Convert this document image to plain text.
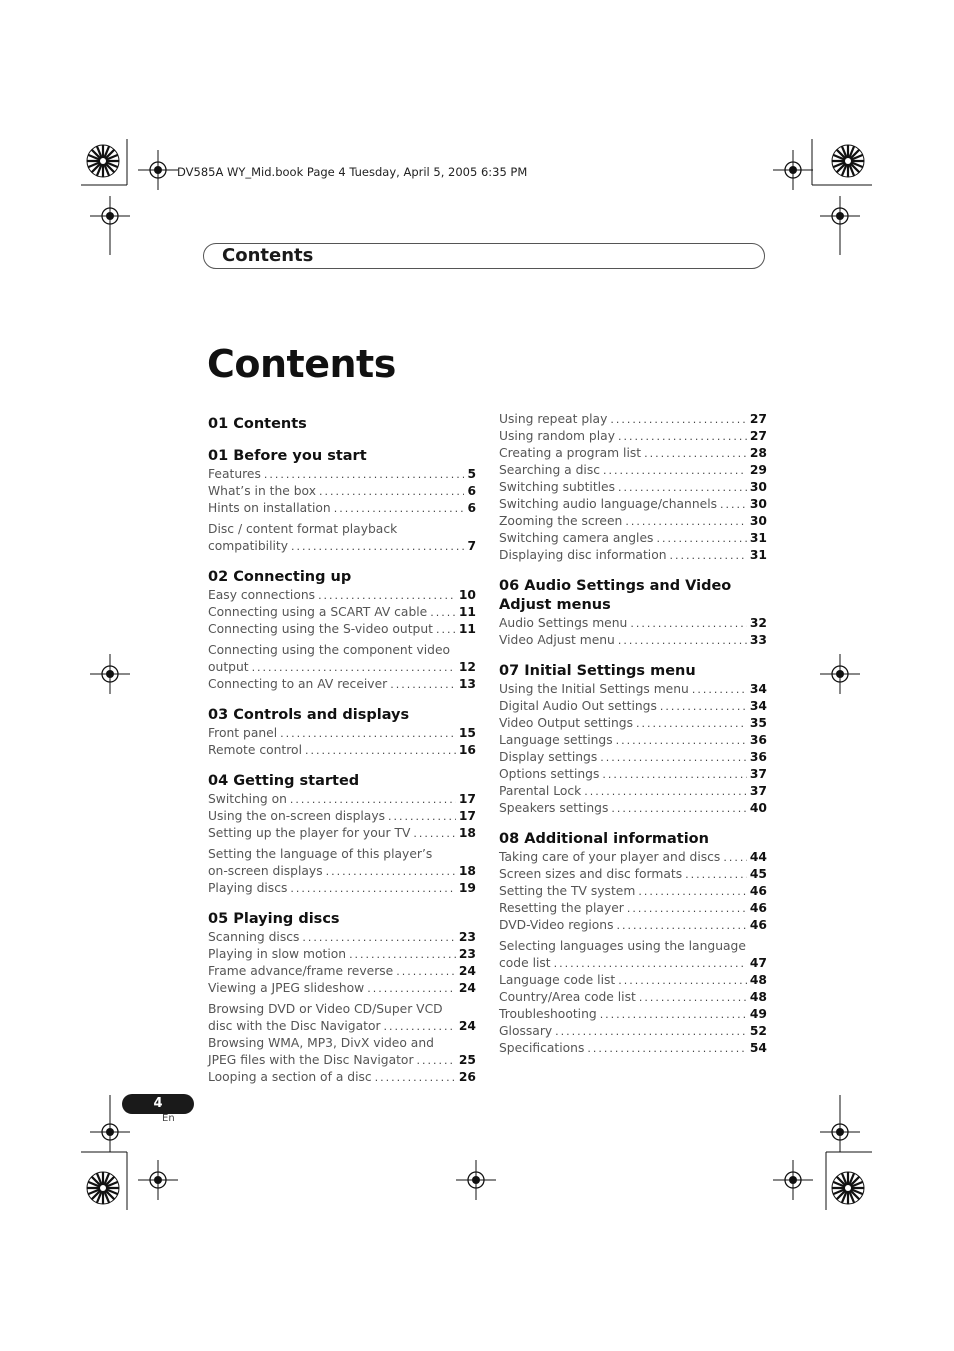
DV585A WY_Mid.book Page 4 Tuesday, April 5, 2005 6:35 PM
Contents
Contents
01 Contents
01 Before you start
Features .....	5
What’s in the box .....	6
Hints on installation .....	6
Disc / content format playback
compatibility .....	7
02 Connecting up
Easy connections .....	10
Connecting using a SCART AV cable .....	11
Connecting using the S-video output ..... 11
Connecting using the component video
output .....	12
Connecting to an AV receiver .....	13
03 Controls and displays
Front panel .....	15
Remote control .....	16
04 Getting started
Switching on .....	17
Using the on-screen displays .....	17
Setting up the player for your TV .....	18
Setting the language of this player’s
on-screen displays .....	18
Playing discs .....	19
05 Playing discs
Scanning discs .....	23
Playing in slow motion .....	23
Frame advance/frame reverse .....	24
Viewing a JPEG slideshow .....	24
Browsing DVD or Video CD/Super VCD
disc with the Disc Navigator .....	24
Browsing WMA, MP3, DivX video and
JPEG files with the Disc Navigator .....	25
Looping a section of a disc .....	26
Using repeat play .....	27
Using random play .....	27
Creating a program list .....	28
Searching a disc .....	29
Switching subtitles .....	30
Switching audio language/channels .....	30
Zooming the screen .....	30
Switching camera angles .....	31
Displaying disc information .....	31
06 Audio Settings and Video Adjust menus
Audio Settings menu .....	32
Video Adjust menu .....	33
07 Initial Settings menu
Using the Initial Settings menu .....	34
Digital Audio Out settings .....	34
Video Output settings .....	35
Language settings .....	36
Display settings .....	36
Options settings .....	37
Parental Lock .....	37
Speakers settings .....	40
08 Additional information
Taking care of your player and discs ..... 44
Screen sizes and disc formats .....	45
Setting the TV system .....	46
Resetting the player .....	46
DVD-Video regions .....	46
Selecting languages using the language
code list .....	47
Language code list .....	48
Country/Area code list .....	48
Troubleshooting .....	49
Glossary .....	52
Specifications .....	54
4
En
